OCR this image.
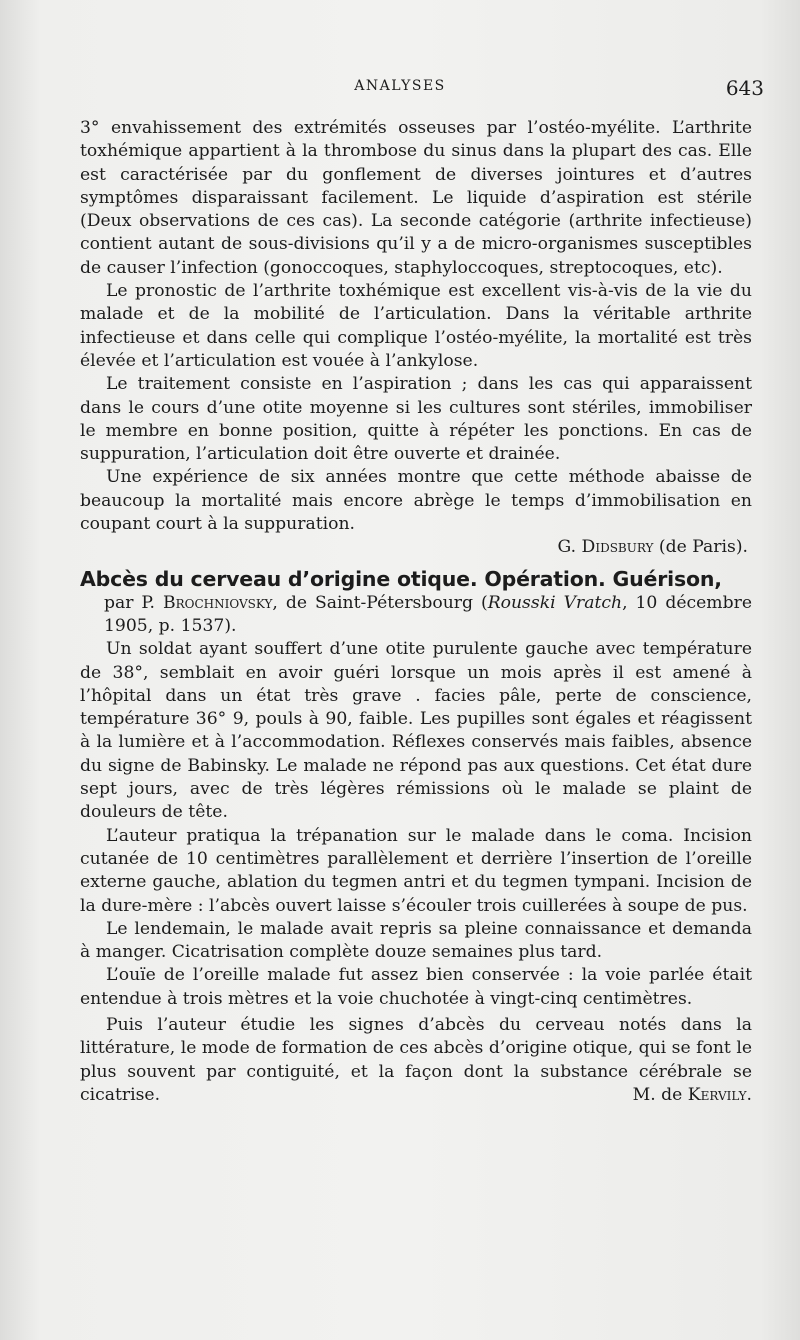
ANALYSES	643

3° envahissement des extrémités osseuses par l’ostéo-myélite. L’arthrite toxhémique appartient à la thrombose du sinus dans la plupart des cas. Elle est caractérisée par du gonflement de diverses jointures et d’autres symptômes disparaissant facilement. Le liquide d’aspiration est stérile (Deux observations de ces cas). La seconde catégorie (arthrite infectieuse) contient autant de sous-divisions qu’il y a de micro-organismes susceptibles de causer l’infection (gonoccoques, staphyloccoques, streptocoques, etc).

Le pronostic de l’arthrite toxhémique est excellent vis-à-vis de la vie du malade et de la mobilité de l’articulation. Dans la véritable arthrite infectieuse et dans celle qui complique l’ostéo-myélite, la mortalité est très élevée et l’articulation est vouée à l’ankylose.

Le traitement consiste en l’aspiration ; dans les cas qui apparaissent dans le cours d’une otite moyenne si les cultures sont stériles, immobiliser le membre en bonne position, quitte à répéter les ponctions. En cas de suppuration, l’articulation doit être ouverte et drainée.

Une expérience de six années montre que cette méthode abaisse de beaucoup la mortalité mais encore abrège le temps d’immobilisation en coupant court à la suppuration.

G. Didsbury (de Paris).

Abcès du cerveau d’origine otique. Opération. Guérison,

par P. Brochniovsky, de Saint-Pétersbourg (Rousski Vratch, 10 décembre 1905, p. 1537).

Un soldat ayant souffert d’une otite purulente gauche avec température de 38°, semblait en avoir guéri lorsque un mois après il est amené à l’hôpital dans un état très grave . facies pâle, perte de conscience, température 36° 9, pouls à 90, faible. Les pupilles sont égales et réagissent à la lumière et à l’accommodation. Réflexes conservés mais faibles, absence du signe de Babinsky. Le malade ne répond pas aux questions. Cet état dure sept jours, avec de très légères rémissions où le malade se plaint de douleurs de tête.

L’auteur pratiqua la trépanation sur le malade dans le coma. Incision cutanée de 10 centimètres parallèlement et derrière l’insertion de l’oreille externe gauche, ablation du tegmen antri et du tegmen tympani. Incision de la dure-mère : l’abcès ouvert laisse s’écouler trois cuillerées à soupe de pus.

Le lendemain, le malade avait repris sa pleine connaissance et demanda à manger. Cicatrisation complète douze semaines plus tard.

L’ouïe de l’oreille malade fut assez bien conservée : la voie parlée était entendue à trois mètres et la voie chuchotée à vingt-cinq centimètres.

Puis l’auteur étudie les signes d’abcès du cerveau notés dans la littérature, le mode de formation de ces abcès d’origine otique, qui se font le plus souvent par contiguité, et la façon dont la substance cérébrale se cicatrise.	M. de Kervily.
